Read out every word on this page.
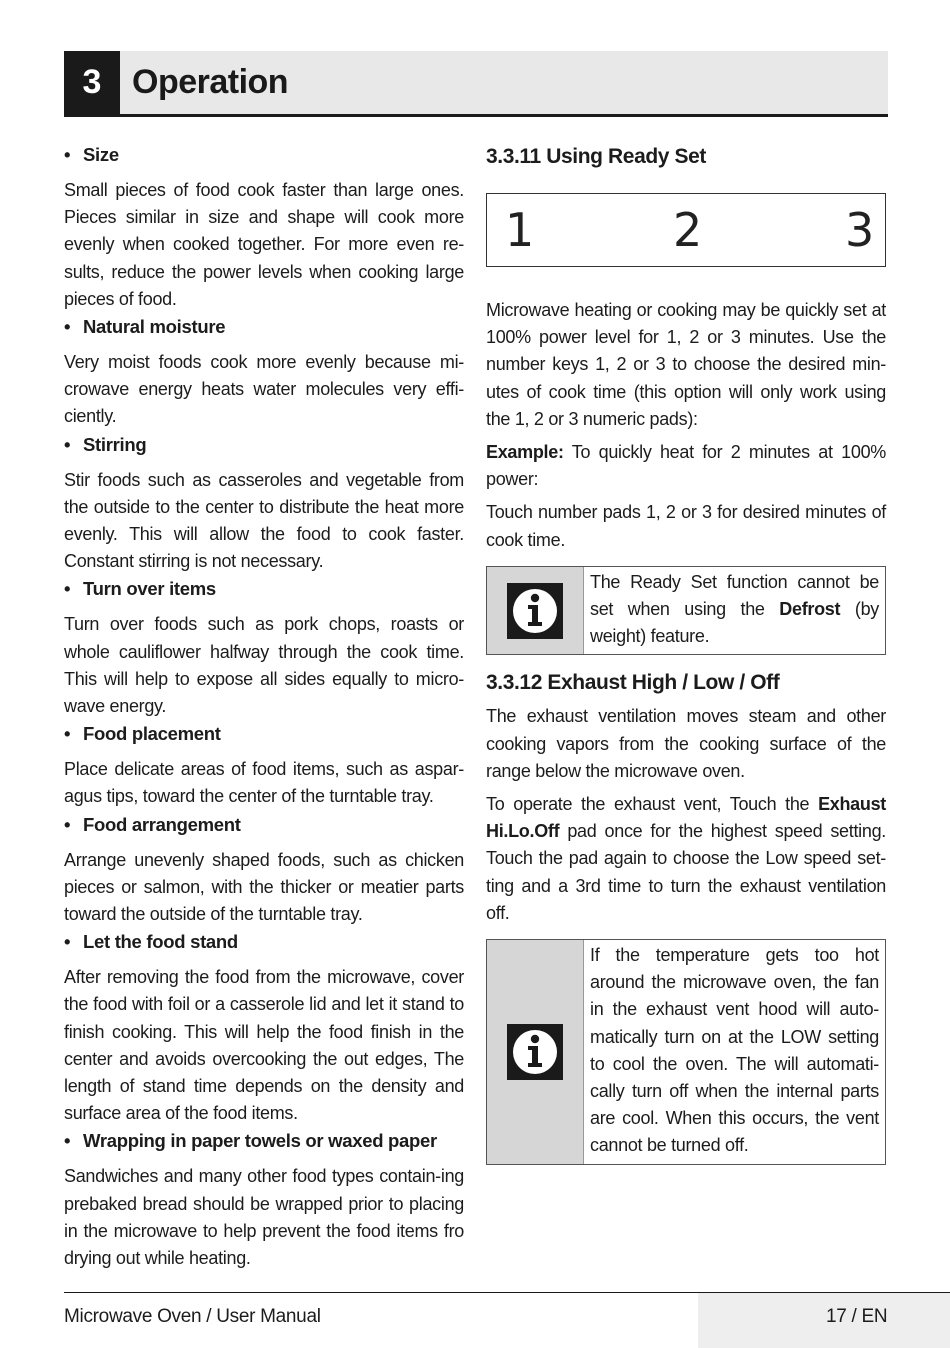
3 Operation

• Size

Small pieces of food cook faster than large ones. Pieces similar in size and shape will cook more evenly when cooked together. For more even re-sults, reduce the power levels when cooking large pieces of food.

• Natural moisture

Very moist foods cook more evenly because mi-crowave energy heats water molecules very effi-ciently.

• Stirring

Stir foods such as casseroles and vegetable from the outside to the center to distribute the heat more evenly. This will allow the food to cook faster. Constant stirring is not necessary.

• Turn over items

Turn over foods such as pork chops, roasts or whole cauliflower halfway through the cook time. This will help to expose all sides equally to micro-wave energy.

• Food placement

Place delicate areas of food items, such as aspar-agus tips, toward the center of the turntable tray.

• Food arrangement

Arrange unevenly shaped foods, such as chicken pieces or salmon, with the thicker or meatier parts toward the outside of the turntable tray.

• Let the food stand

After removing the food from the microwave, cover the food with foil or a casserole lid and let it stand to finish cooking. This will help the food finish in the center and avoids overcooking the out edges, The length of stand time depends on the density and surface area of the food items.

• Wrapping in paper towels or waxed paper

Sandwiches and many other food types contain-ing prebaked bread should be wrapped prior to placing in the microwave to help prevent the food items fro drying out while heating.

3.3.11 Using Ready Set
1	2	3

Microwave heating or cooking may be quickly set at 100% power level for 1, 2 or 3 minutes. Use the number keys 1, 2 or 3 to choose the desired min-utes of cook time (this option will only work using the 1, 2 or 3 numeric pads):

Example: To quickly heat for 2 minutes at 100% power:

Touch number pads 1, 2 or 3 for desired minutes of cook time.

The Ready Set function cannot be set when using the Defrost (by weight) feature.
3.3.12 Exhaust High / Low / Off

The exhaust ventilation moves steam and other cooking vapors from the cooking surface of the range below the microwave oven.

To operate the exhaust vent, Touch the Exhaust Hi.Lo.Off pad once for the highest speed setting. Touch the pad again to choose the Low speed set-ting and a 3rd time to turn the exhaust ventilation off.

If the temperature gets too hot around the microwave oven, the fan in the exhaust vent hood will auto-matically turn on at the LOW setting to cool the oven. The will automati-cally turn off when the internal parts are cool. When this occurs, the vent cannot be turned off.
Microwave Oven / User Manual	17 / EN
